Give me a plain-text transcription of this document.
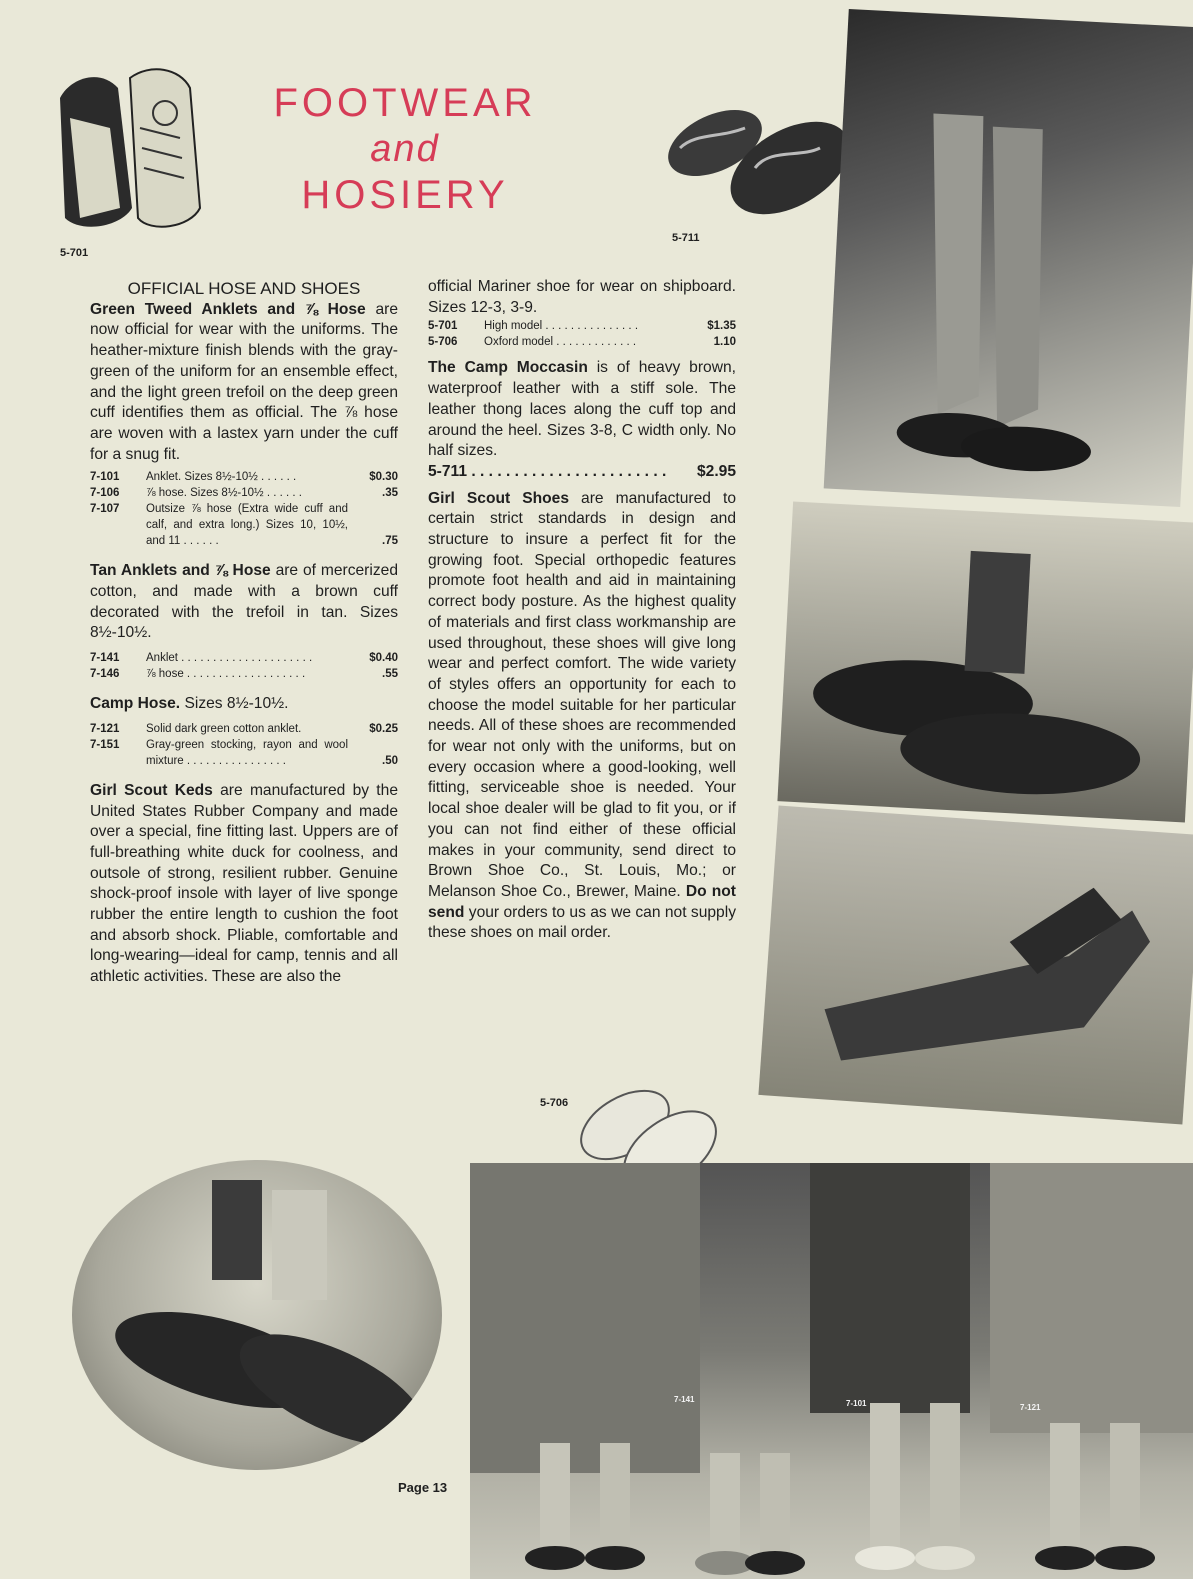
FOOTWEAR
and
HOSIERY
5-701
5-711

OFFICIAL HOSE AND SHOES

Green Tweed Anklets and ⅞ Hose are now official for wear with the uniforms. The heather-mixture finish blends with the gray-green of the uniform for an ensemble effect, and the light green trefoil on the deep green cuff identifies them as official. The ⅞ hose are woven with a lastex yarn under the cuff for a snug fit.

7-101	Anklet. Sizes 8½-10½ . . . . . .	$0.30
7-106	⅞ hose. Sizes 8½-10½ . . . . . .	.35
7-107	Outsize ⅞ hose (Extra wide cuff and calf, and extra long.) Sizes 10, 10½, and 11 . . . . . .	.75

Tan Anklets and ⅞ Hose are of mercerized cotton, and made with a brown cuff decorated with the trefoil in tan. Sizes 8½-10½.

7-141	Anklet . . . . . . . . . . . . . . . . . . . . .	$0.40
7-146	⅞ hose . . . . . . . . . . . . . . . . . . .	.55

Camp Hose. Sizes 8½-10½.

7-121	Solid dark green cotton anklet.	$0.25
7-151	Gray-green stocking, rayon and wool mixture . . . . . . . . . . . . . . . .	.50

Girl Scout Keds are manufactured by the United States Rubber Company and made over a special, fine fitting last. Uppers are of full-breathing white duck for coolness, and outsole of strong, resilient rubber. Genuine shock-proof insole with layer of live sponge rubber the entire length to cushion the foot and absorb shock. Pliable, comfortable and long-wearing—ideal for camp, tennis and all athletic activities. These are also the

official Mariner shoe for wear on shipboard. Sizes 12-3, 3-9.

5-701	High model . . . . . . . . . . . . . . .	$1.35
5-706	Oxford model . . . . . . . . . . . . .	1.10

The Camp Moccasin is of heavy brown, waterproof leather with a stiff sole. The leather thong laces along the cuff top and around the heel. Sizes 3-8, C width only. No half sizes.

5-711 . . . . . . . . . . . . . . . . . . . . . . .	$2.95

Girl Scout Shoes are manufactured to certain strict standards in design and structure to insure a perfect fit for the growing foot. Special orthopedic features promote foot health and aid in maintaining correct body posture. As the highest quality of materials and first class workmanship are used throughout, these shoes will give long wear and perfect comfort. The wide variety of styles offers an opportunity for each to choose the model suitable for her particular needs. All of these shoes are recommended for wear not only with the uniforms, but on every occasion where a good-looking, well fitting, serviceable shoe is needed. Your local shoe dealer will be glad to fit you, or if you can not find either of these official makes in your community, send direct to Brown Shoe Co., St. Louis, Mo.; or Melanson Shoe Co., Brewer, Maine. Do not send your orders to us as we can not supply these shoes on mail order.

5-706
7-141	7-101	7-121
Page 13
